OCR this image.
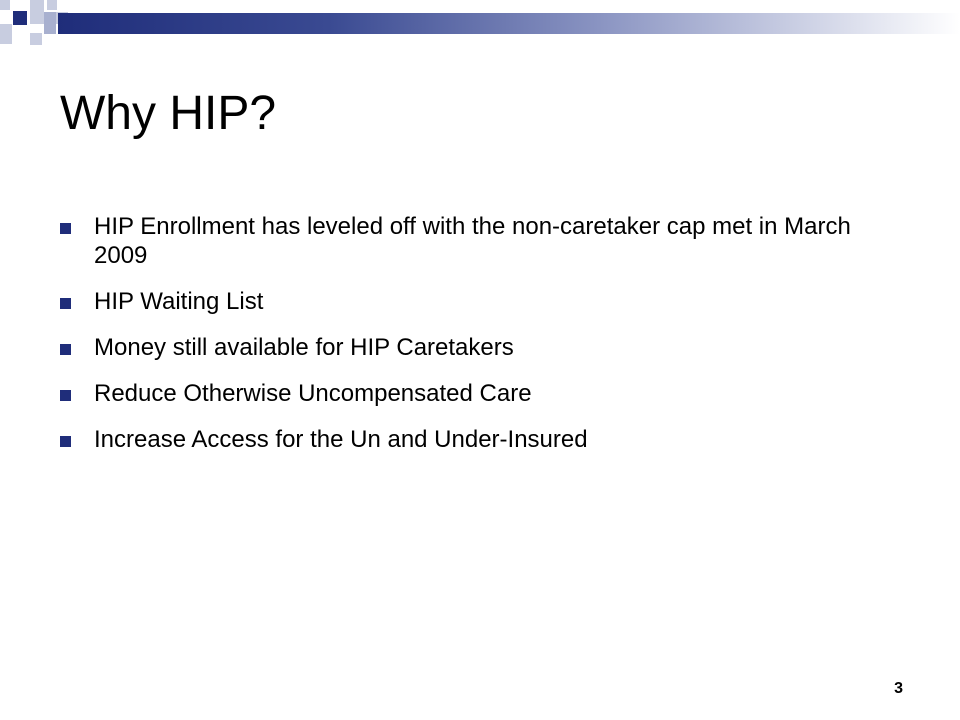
Why HIP?
HIP Enrollment has leveled off with the non-caretaker cap met in March 2009
HIP Waiting List
Money still available for HIP Caretakers
Reduce Otherwise Uncompensated Care
Increase Access for the Un and Under-Insured
3
